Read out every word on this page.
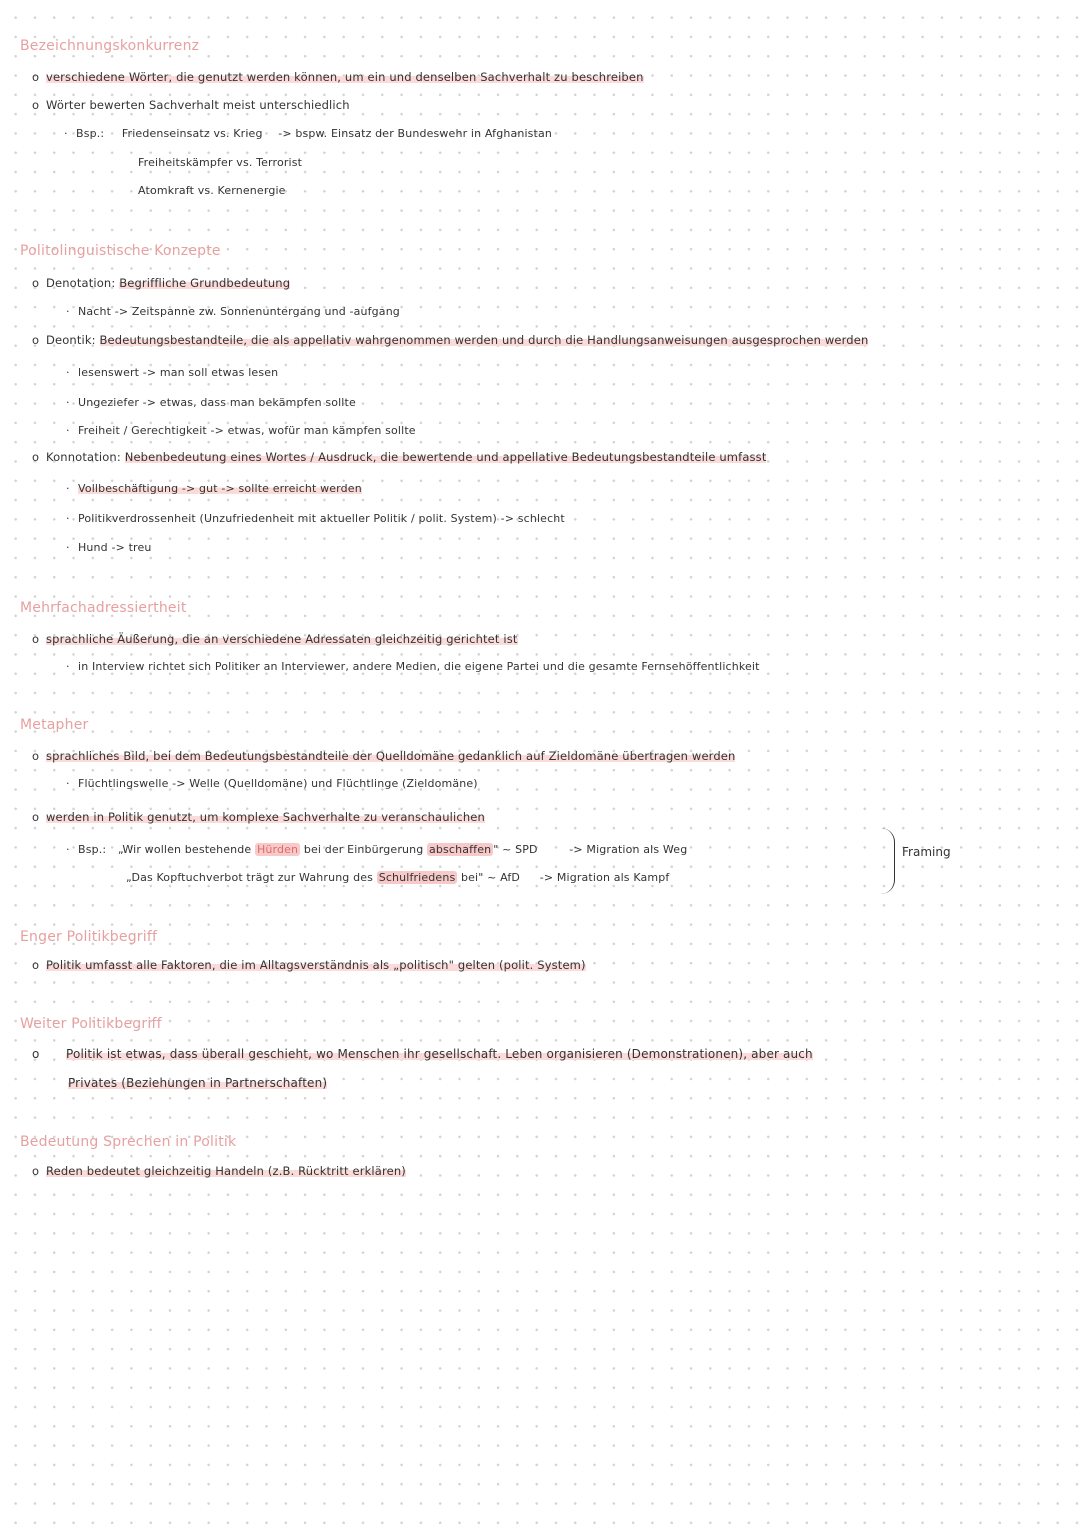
Bezeichnungskonkurrenz
o verschiedene Wörter, die genutzt werden können, um ein und denselben Sachverhalt zu beschreiben
o Wörter bewerten Sachverhalt meist unterschiedlich
· Bsp.: Friedenseinsatz vs. Krieg -> bspw. Einsatz der Bundeswehr in Afghanistan
Freiheitskämpfer vs. Terrorist
Atomkraft vs. Kernenergie
Politolinguistische Konzepte
o Denotation: Begriffliche Grundbedeutung
· Nacht -> Zeitspanne zw. Sonnenuntergang und -aufgang
o Deontik: Bedeutungsbestandteile, die als appellativ wahrgenommen werden und durch die Handlungsanweisungen ausgesprochen werden
· lesenswert -> man soll etwas lesen
· Ungeziefer -> etwas, dass man bekämpfen sollte
· Freiheit / Gerechtigkeit -> etwas, wofür man kämpfen sollte
o Konnotation: Nebenbedeutung eines Wortes / Ausdruck, die bewertende und appellative Bedeutungsbestandteile umfasst
· Vollbeschäftigung -> gut -> sollte erreicht werden
· Politikverdrossenheit (Unzufriedenheit mit aktueller Politik / polit. System) -> schlecht
· Hund -> treu
Mehrfachadressiertheit
o sprachliche Äußerung, die an verschiedene Adressaten gleichzeitig gerichtet ist
· in Interview richtet sich Politiker an Interviewer, andere Medien, die eigene Partei und die gesamte Fernsehöffentlichkeit
Metapher
o sprachliches Bild, bei dem Bedeutungsbestandteile der Quelldomäne gedanklich auf Zieldomäne übertragen werden
· Flüchtlingswelle -> Welle (Quelldomäne) und Flüchtlinge (Zieldomäne)
o werden in Politik genutzt, um komplexe Sachverhalte zu veranschaulichen
· Bsp.: „Wir wollen bestehende Hürden bei der Einbürgerung abschaffen " ~ SPD	-> Migration als Weg
„Das Kopftuchverbot trägt zur Wahrung des Schulfriedens bei" ~ AfD -> Migration als Kampf
Framing
Enger Politikbegriff
o Politik umfasst alle Faktoren, die im Alltagsverständnis als „politisch" gelten (polit. System)
Weiter Politikbegriff
o Politik ist etwas, dass überall geschieht, wo Menschen ihr gesellschaft. Leben organisieren (Demonstrationen), aber auch
Privates (Beziehungen in Partnerschaften)
Bedeutung Sprechen in Politik
o Reden bedeutet gleichzeitig Handeln (z.B. Rücktritt erklären)
